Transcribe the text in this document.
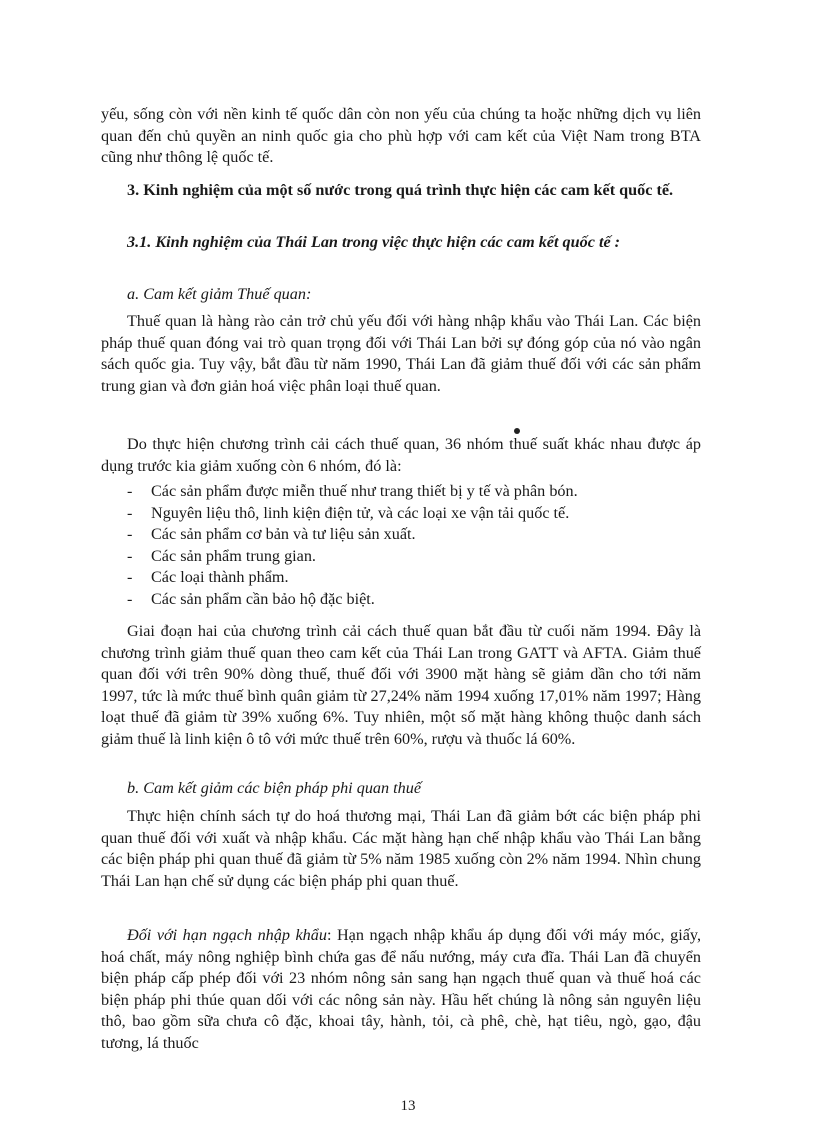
yếu, sống còn với nền kinh tế quốc dân còn non yếu của chúng ta hoặc những dịch vụ liên quan đến chủ quyền an ninh quốc gia cho phù hợp với cam kết của Việt Nam trong BTA cũng như thông lệ quốc tế.

3. Kinh nghiệm của một số nước trong quá trình thực hiện các cam kết quốc tế.

3.1. Kinh nghiệm của Thái Lan trong việc thực hiện các cam kết quốc tế :

a. Cam kết giảm Thuế quan:

Thuế quan là hàng rào cản trở chủ yếu đối với hàng nhập khẩu vào Thái Lan. Các biện pháp thuế quan đóng vai trò quan trọng đối với Thái Lan bởi sự đóng góp của nó vào ngân sách quốc gia. Tuy vậy, bắt đầu từ năm 1990, Thái Lan đã giảm thuế đối với các sản phẩm trung gian và đơn giản hoá việc phân loại thuế quan.

Do thực hiện chương trình cải cách thuế quan, 36 nhóm thuế suất khác nhau được áp dụng trước kia giảm xuống còn 6 nhóm, đó là:

- Các sản phẩm được miễn thuế như trang thiết bị y tế và phân bón.
- Nguyên liệu thô, linh kiện điện tử, và các loại xe vận tải quốc tế.
- Các sản phẩm cơ bản và tư liệu sản xuất.
- Các sản phẩm trung gian.
- Các loại thành phẩm.
- Các sản phẩm cần bảo hộ đặc biệt.

Giai đoạn hai của chương trình cải cách thuế quan bắt đầu từ cuối năm 1994. Đây là chương trình giảm thuế quan theo cam kết của Thái Lan trong GATT và AFTA. Giảm thuế quan đối với trên 90% dòng thuế, thuế đối với 3900 mặt hàng sẽ giảm dần cho tới năm 1997, tức là mức thuế bình quân giảm từ 27,24% năm 1994 xuống 17,01% năm 1997; Hàng loạt thuế đã giảm từ 39% xuống 6%. Tuy nhiên, một số mặt hàng không thuộc danh sách giảm thuế là linh kiện ô tô với mức thuế trên 60%, rượu và thuốc lá 60%.

b. Cam kết giảm các biện pháp phi quan thuế

Thực hiện chính sách tự do hoá thương mại, Thái Lan đã giảm bớt các biện pháp phi quan thuế đối với xuất và nhập khẩu. Các mặt hàng hạn chế nhập khẩu vào Thái Lan bằng các biện pháp phi quan thuế đã giảm từ 5% năm 1985 xuống còn 2% năm 1994. Nhìn chung Thái Lan hạn chế sử dụng các biện pháp phi quan thuế.

Đối với hạn ngạch nhập khẩu: Hạn ngạch nhập khẩu áp dụng đối với máy móc, giấy, hoá chất, máy nông nghiệp bình chứa gas để nấu nướng, máy cưa đĩa. Thái Lan đã chuyển biện pháp cấp phép đối với 23 nhóm nông sản sang hạn ngạch thuế quan và thuế hoá các biện pháp phi thúe quan dối với các nông sản này. Hầu hết chúng là nông sản nguyên liệu thô, bao gồm sữa chưa cô đặc, khoai tây, hành, tỏi, cà phê, chè, hạt tiêu, ngò, gạo, đậu tương, lá thuốc

13
